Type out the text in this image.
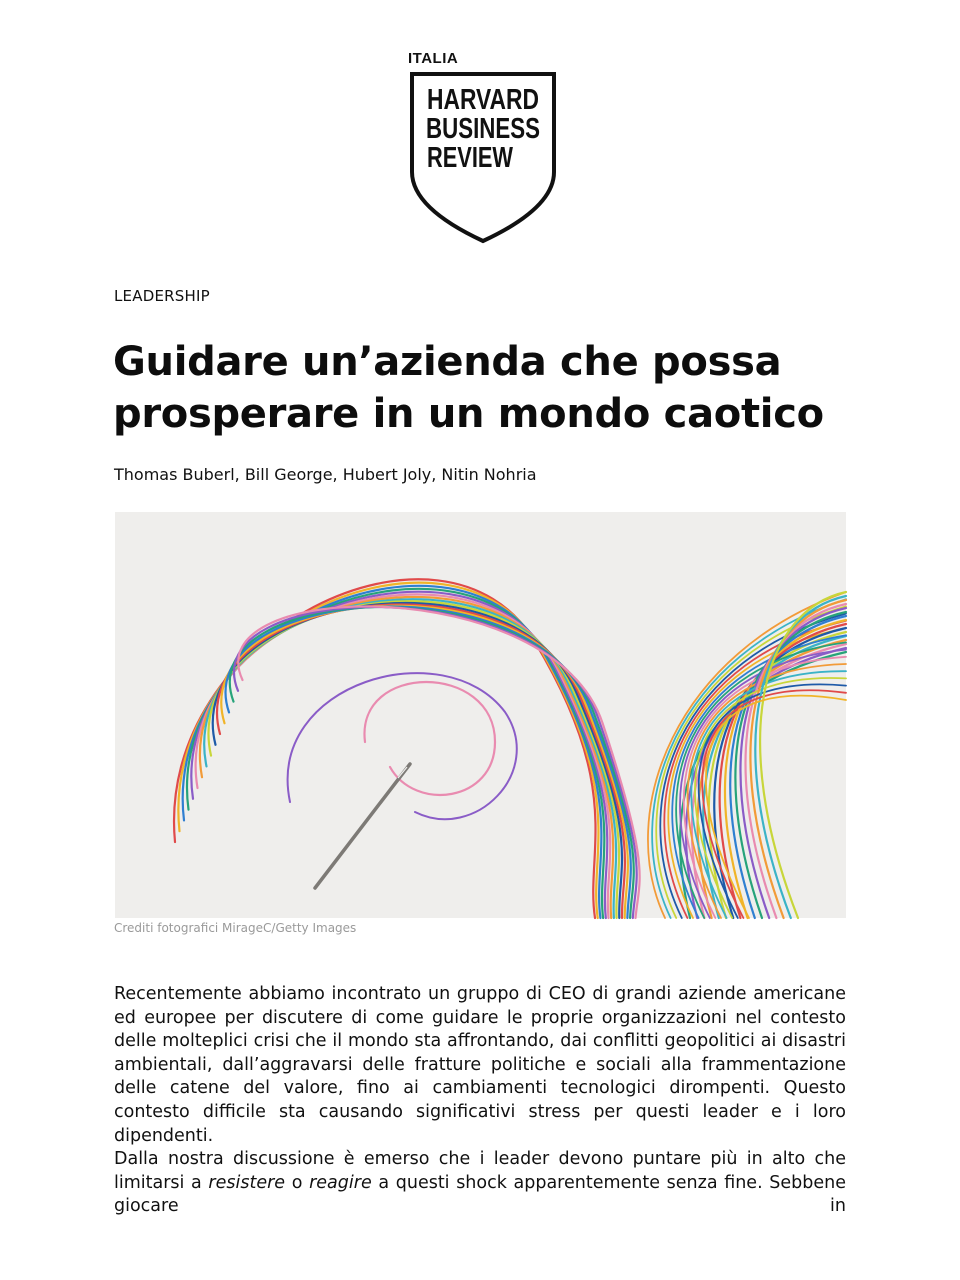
ITALIA
HARVARD
BUSINESS
REVIEW
LEADERSHIP
Guidare un’azienda che possa
prosperare in un mondo caotico
Thomas Buberl, Bill George, Hubert Joly, Nitin Nohria
Crediti fotografici MirageC/Getty Images

Recentemente abbiamo incontrato un gruppo di CEO di grandi aziende americane ed europee per discutere di come guidare le proprie organizzazioni nel contesto delle molteplici crisi che il mondo sta affrontando, dai conflitti geopolitici ai disastri ambientali, dall’aggravarsi delle fratture politiche e sociali alla frammentazione delle catene del valore, fino ai cambiamenti tecnologici dirompenti. Questo contesto difficile sta causando significativi stress per questi leader e i loro dipendenti.

Dalla nostra discussione è emerso che i leader devono puntare più in alto che limitarsi a resistere o reagire a questi shock apparentemente senza fine. Sebbene giocare in
